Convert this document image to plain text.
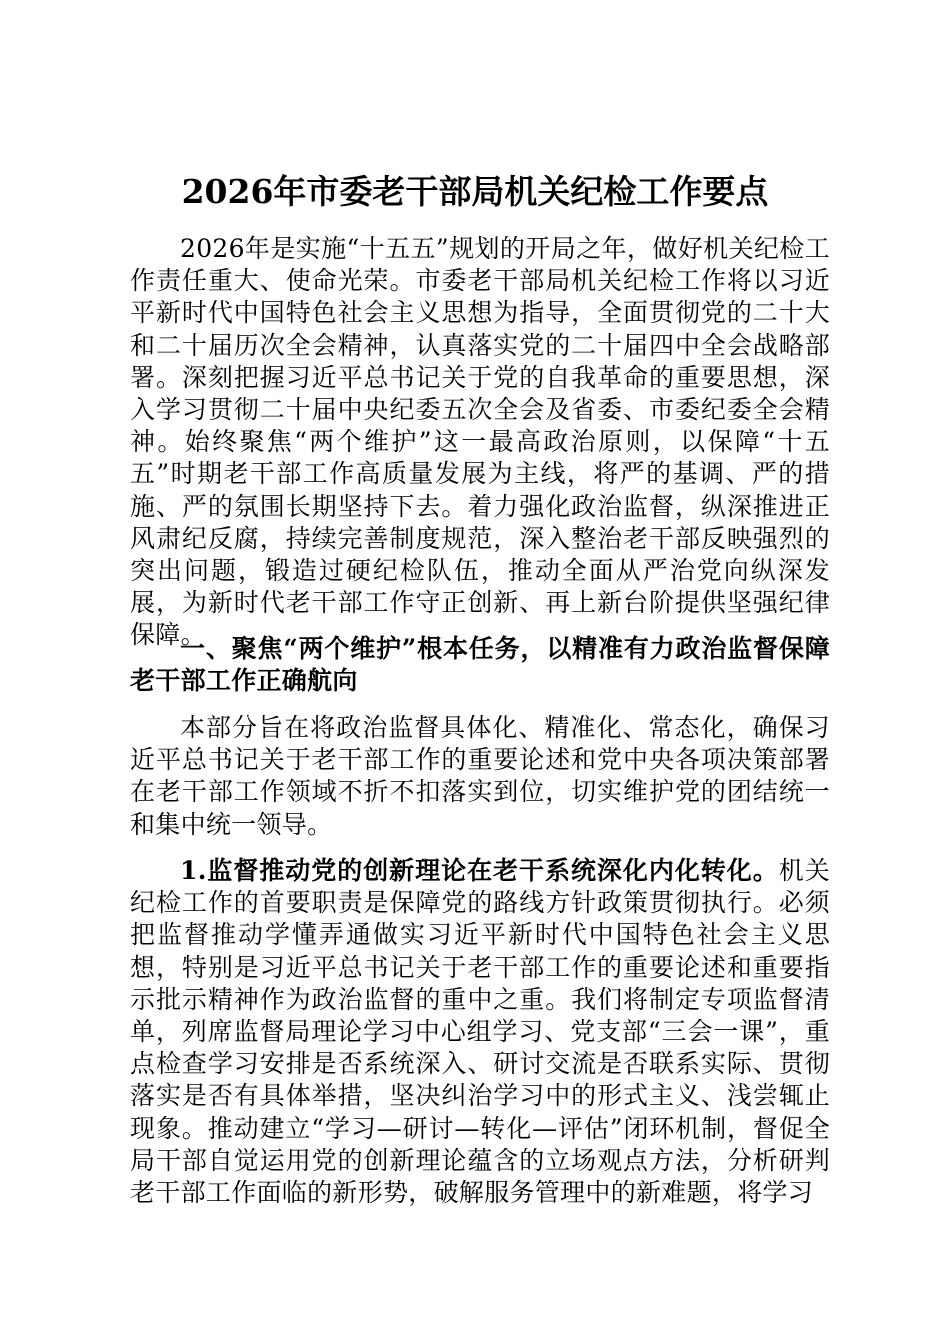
2026年市委老干部局机关纪检工作要点

2026年是实施“十五五”规划的开局之年，做好机关纪检工作责任重大、使命光荣。市委老干部局机关纪检工作将以习近平新时代中国特色社会主义思想为指导，全面贯彻党的二十大和二十届历次全会精神，认真落实党的二十届四中全会战略部署。深刻把握习近平总书记关于党的自我革命的重要思想，深入学习贯彻二十届中央纪委五次全会及省委、市委纪委全会精神。始终聚焦“两个维护”这一最高政治原则，以保障“十五五”时期老干部工作高质量发展为主线，将严的基调、严的措施、严的氛围长期坚持下去。着力强化政治监督，纵深推进正风肃纪反腐，持续完善制度规范，深入整治老干部反映强烈的突出问题，锻造过硬纪检队伍，推动全面从严治党向纵深发展，为新时代老干部工作守正创新、再上新台阶提供坚强纪律保障。

一、聚焦“两个维护”根本任务，以精准有力政治监督保障老干部工作正确航向

本部分旨在将政治监督具体化、精准化、常态化，确保习近平总书记关于老干部工作的重要论述和党中央各项决策部署在老干部工作领域不折不扣落实到位，切实维护党的团结统一和集中统一领导。

1.监督推动党的创新理论在老干系统深化内化转化。机关纪检工作的首要职责是保障党的路线方针政策贯彻执行。必须把监督推动学懂弄通做实习近平新时代中国特色社会主义思想，特别是习近平总书记关于老干部工作的重要论述和重要指示批示精神作为政治监督的重中之重。我们将制定专项监督清单，列席监督局理论学习中心组学习、党支部“三会一课”，重点检查学习安排是否系统深入、研讨交流是否联系实际、贯彻落实是否有具体举措，坚决纠治学习中的形式主义、浅尝辄止现象。推动建立“学习—研讨—转化—评估”闭环机制，督促全局干部自觉运用党的创新理论蕴含的立场观点方法，分析研判老干部工作面临的新形势，破解服务管理中的新难题，将学习
